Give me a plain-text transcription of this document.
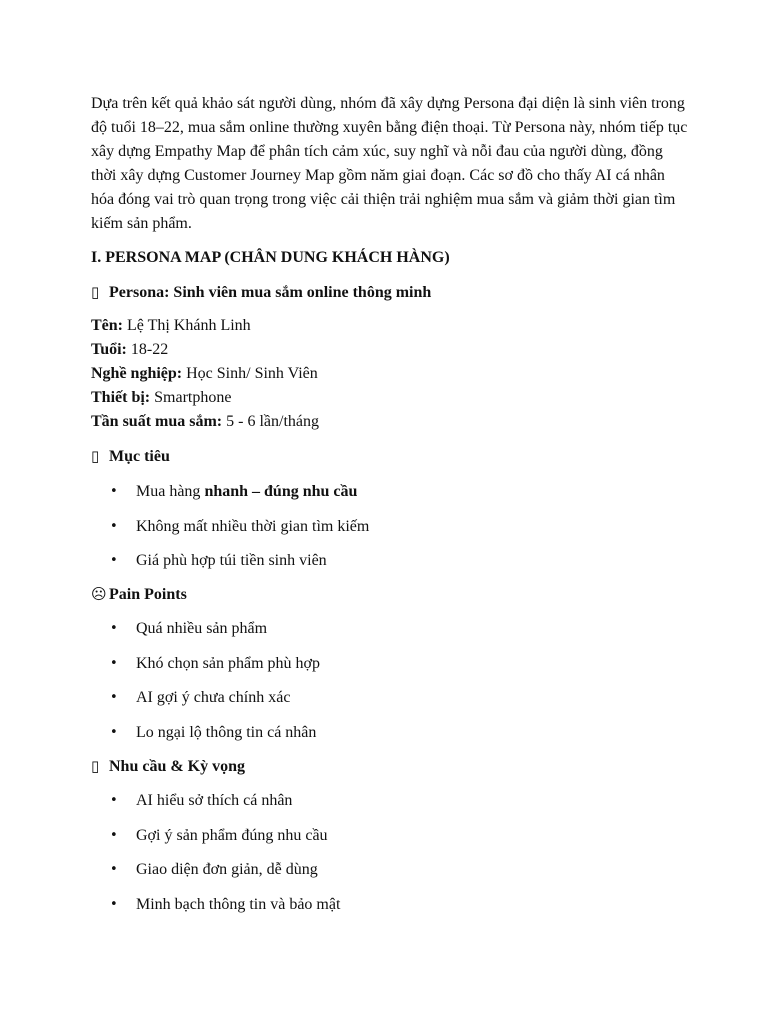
Dựa trên kết quả khảo sát người dùng, nhóm đã xây dựng Persona đại diện là sinh viên trong độ tuổi 18–22, mua sắm online thường xuyên bằng điện thoại. Từ Persona này, nhóm tiếp tục xây dựng Empathy Map để phân tích cảm xúc, suy nghĩ và nỗi đau của người dùng, đồng thời xây dựng Customer Journey Map gồm năm giai đoạn. Các sơ đồ cho thấy AI cá nhân hóa đóng vai trò quan trọng trong việc cải thiện trải nghiệm mua sắm và giảm thời gian tìm kiếm sản phẩm.

I. PERSONA MAP (CHÂN DUNG KHÁCH HÀNG)
▯ Persona: Sinh viên mua sắm online thông minh
Tên: Lệ Thị Khánh Linh
Tuổi: 18-22
Nghề nghiệp: Học Sinh/ Sinh Viên
Thiết bị: Smartphone
Tần suất mua sắm: 5 - 6 lần/tháng
▯ Mục tiêu
• Mua hàng nhanh – đúng nhu cầu
• Không mất nhiều thời gian tìm kiếm
• Giá phù hợp túi tiền sinh viên
☹ Pain Points
• Quá nhiều sản phẩm
• Khó chọn sản phẩm phù hợp
• AI gợi ý chưa chính xác
• Lo ngại lộ thông tin cá nhân
▯ Nhu cầu & Kỳ vọng
• AI hiểu sở thích cá nhân
• Gợi ý sản phẩm đúng nhu cầu
• Giao diện đơn giản, dễ dùng
• Minh bạch thông tin và bảo mật
